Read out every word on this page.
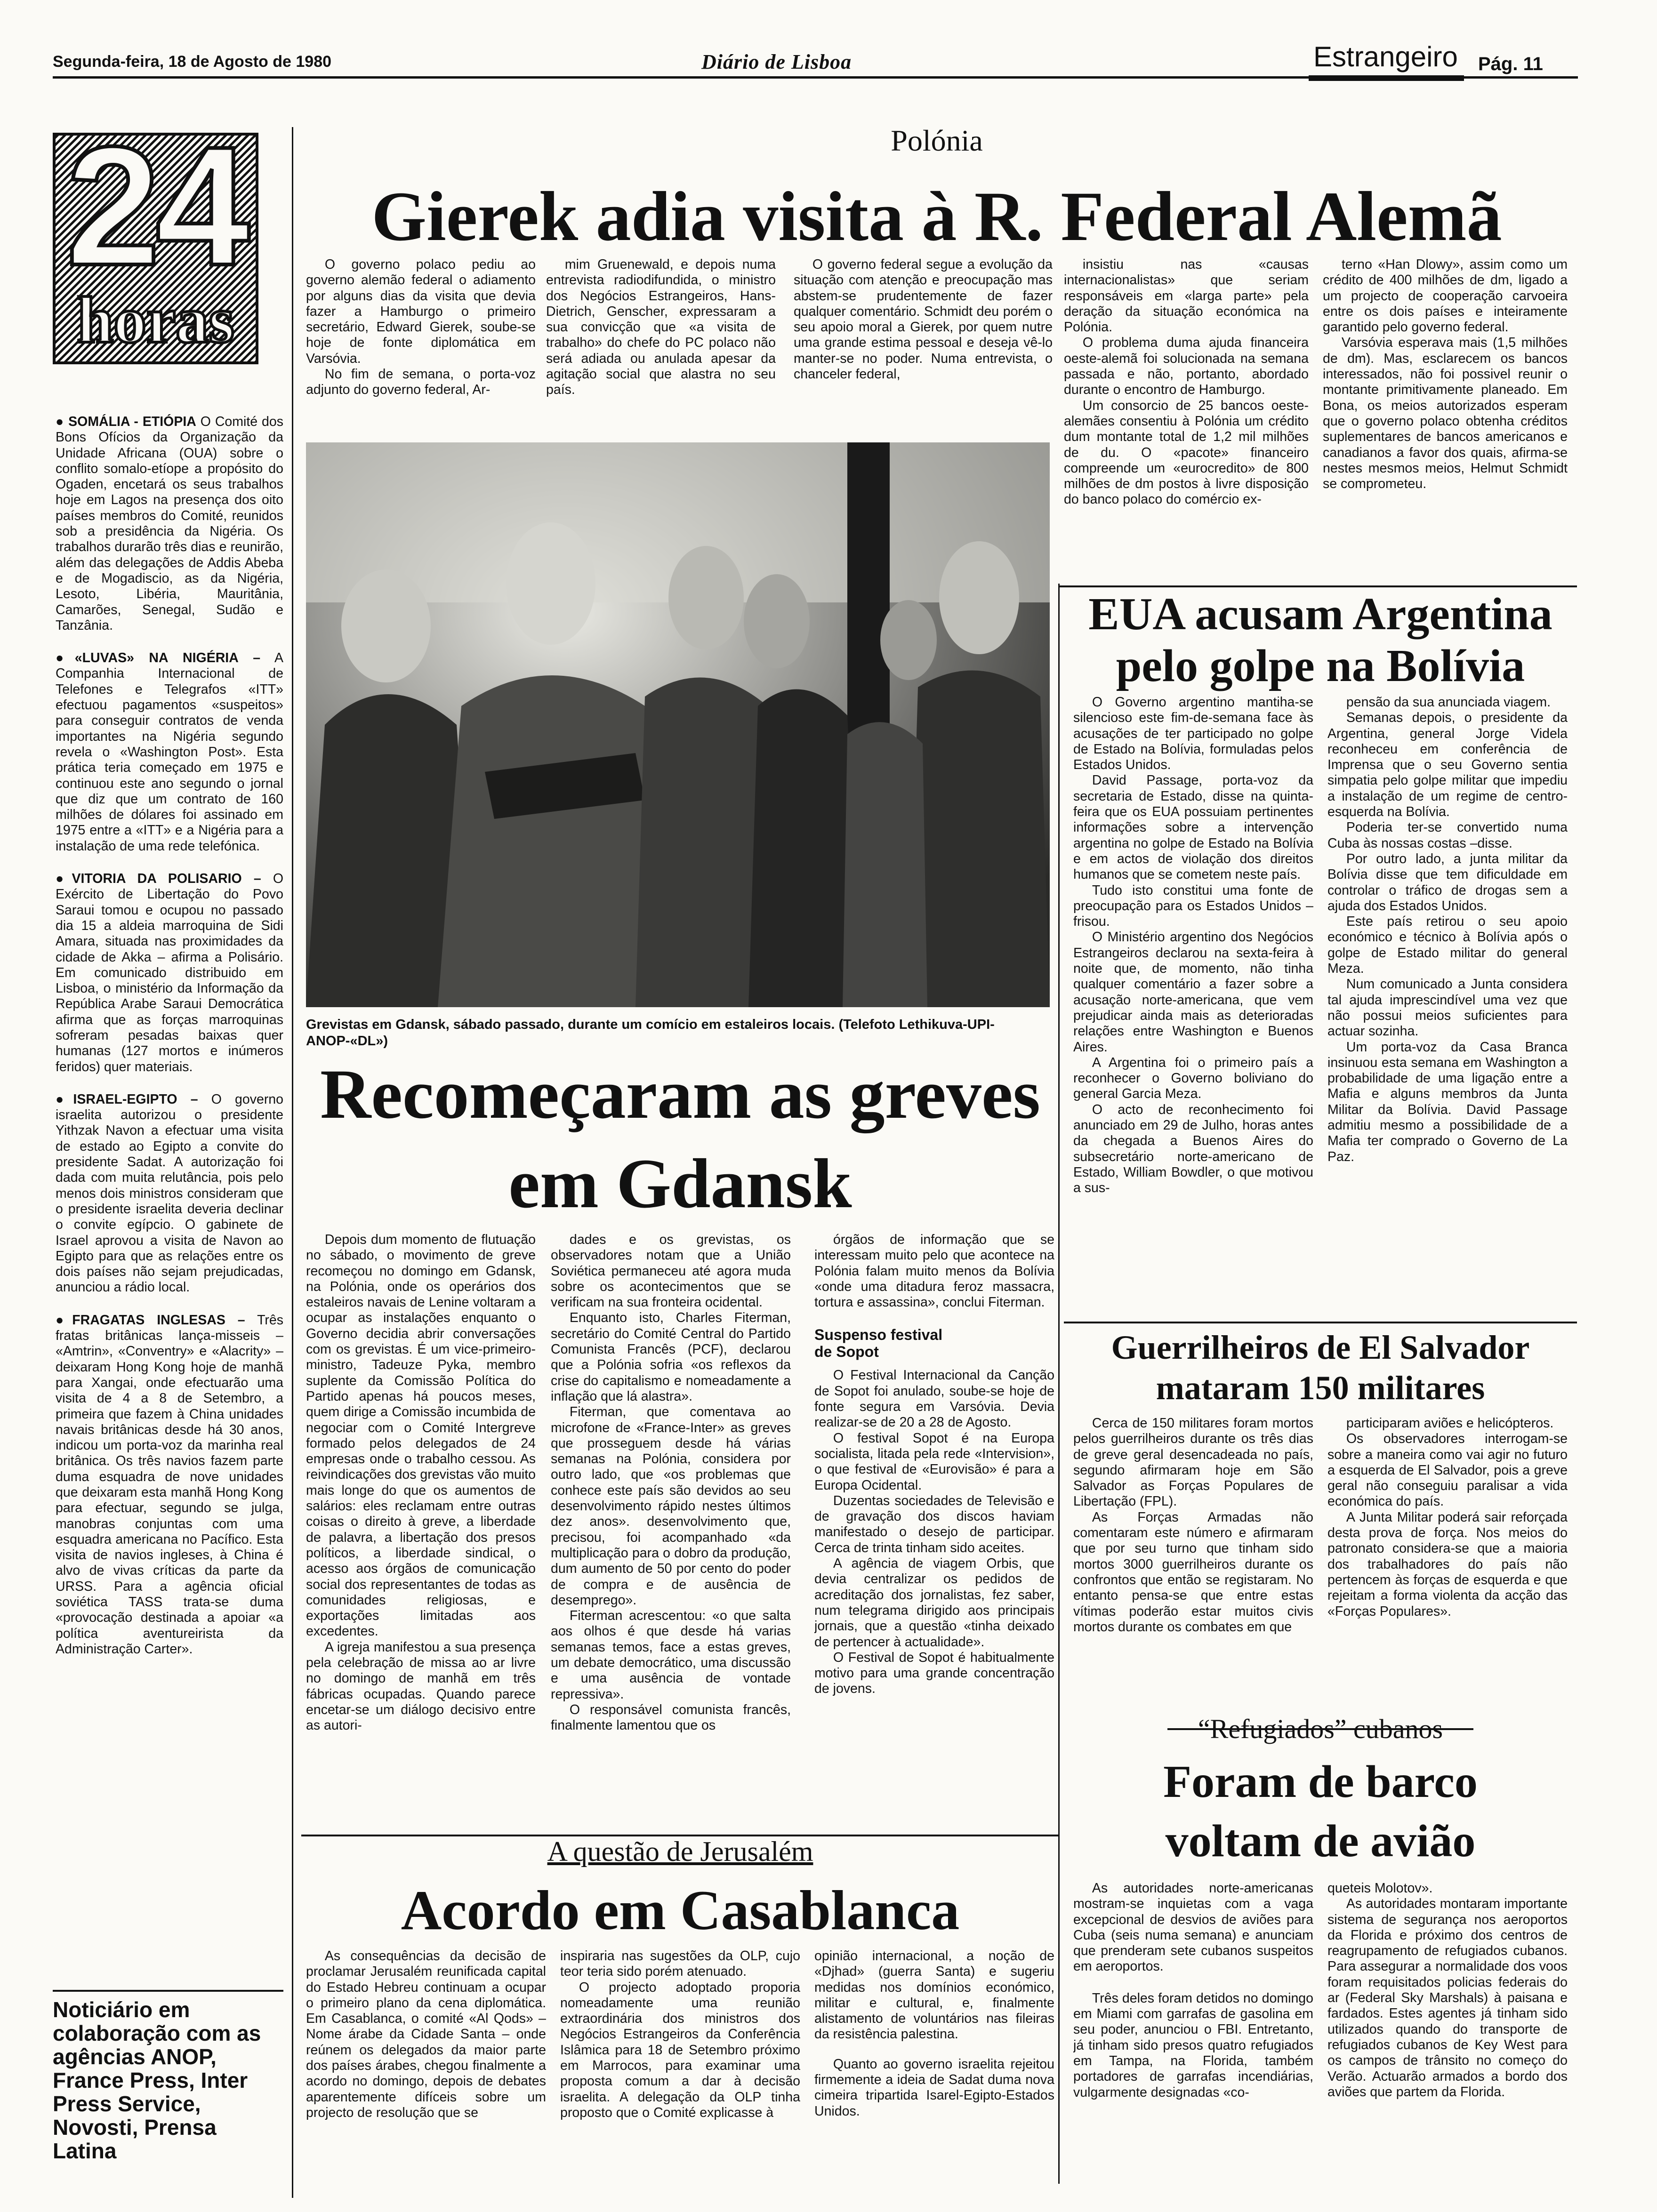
Segunda-feira, 18 de Agosto de 1980	Diário de Lisboa	Estrangeiro Pág. 11
24
horas

● SOMÁLIA - ETIÓPIA O Comité dos Bons Ofícios da Organização da Unidade Africana (OUA) sobre o conflito somalo-etíope a propósito do Ogaden, encetará os seus trabalhos hoje em Lagos na presença dos oito países membros do Comité, reunidos sob a presidência da Nigéria. Os trabalhos durarão três dias e reunirão, além das delegações de Addis Abeba e de Mogadiscio, as da Nigéria, Lesoto, Libéria, Mauritânia, Camarões, Senegal, Sudão e Tanzânia.

●«LUVAS» NA NIGÉRIA – A Companhia Internacional de Telefones e Telegrafos «ITT» efectuou pagamentos «suspeitos» para conseguir contratos de venda importantes na Nigéria segundo revela o «Washington Post». Esta prática teria começado em 1975 e continuou este ano segundo o jornal que diz que um contrato de 160 milhões de dólares foi assinado em 1975 entre a «ITT» e a Nigéria para a instalação de uma rede telefónica.

●VITORIA DA POLISARIO – O Exército de Libertação do Povo Saraui tomou e ocupou no passado dia 15 a aldeia marroquina de Sidi Amara, situada nas proximidades da cidade de Akka – afirma a Polisário. Em comunicado distribuido em Lisboa, o ministério da Informação da República Arabe Saraui Democrática afirma que as forças marroquinas sofreram pesadas baixas quer humanas (127 mortos e inúmeros feridos) quer materiais.

●ISRAEL-EGIPTO – O governo israelita autorizou o presidente Yithzak Navon a efectuar uma visita de estado ao Egipto a convite do presidente Sadat. A autorização foi dada com muita relutância, pois pelo menos dois ministros consideram que o presidente israelita deveria declinar o convite egípcio. O gabinete de Israel aprovou a visita de Navon ao Egipto para que as relações entre os dois países não sejam prejudicadas, anunciou a rádio local.

●FRAGATAS INGLESAS – Três fratas britânicas lança-misseis – «Amtrin», «Conventry» e «Alacrity» – deixaram Hong Kong hoje de manhã para Xangai, onde efectuarão uma visita de 4 a 8 de Setembro, a primeira que fazem à China unidades navais britânicas desde há 30 anos, indicou um porta-voz da marinha real britânica. Os três navios fazem parte duma esquadra de nove unidades que deixaram esta manhã Hong Kong para efectuar, segundo se julga, manobras conjuntas com uma esquadra americana no Pacífico. Esta visita de navios ingleses, à China é alvo de vivas críticas da parte da URSS. Para a agência oficial soviética TASS trata-se duma «provocação destinada a apoiar «a política aventureirista da Administração Carter».

Noticiário em colaboração com as agências ANOP, France Press, Inter Press Service, Novosti, Prensa Latina
Polónia
Gierek adia visita à R. Federal Alemã

O governo polaco pediu ao governo alemão federal o adiamento por alguns dias da visita que devia fazer a Hamburgo o primeiro secretário, Edward Gierek, soube-se hoje de fonte diplomática em Varsóvia.

No fim de semana, o porta-voz adjunto do governo federal, Ar-

mim Gruenewald, e depois numa entrevista radiodifundida, o ministro dos Negócios Estrangeiros, Hans-Dietrich, Genscher, expressaram a sua convicção que «a visita de trabalho» do chefe do PC polaco não será adiada ou anulada apesar da agitação social que alastra no seu país.

O governo federal segue a evolução da situação com atenção e preocupação mas abstem-se prudentemente de fazer qualquer comentário. Schmidt deu porém o seu apoio moral a Gierek, por quem nutre uma grande estima pessoal e deseja vê-lo manter-se no poder. Numa entrevista, o chanceler federal,

insistiu nas «causas internacionalistas» que seriam responsáveis em «larga parte» pela deração da situação económica na Polónia.

O problema duma ajuda financeira oeste-alemã foi solucionada na semana passada e não, portanto, abordado durante o encontro de Hamburgo.

Um consorcio de 25 bancos oeste-alemães consentiu à Polónia um crédito dum montante total de 1,2 mil milhões de du. O «pacote» financeiro compreende um «eurocredito» de 800 milhões de dm postos à livre disposição do banco polaco do comércio ex-

terno «Han Dlowy», assim como um crédito de 400 milhões de dm, ligado a um projecto de cooperação carvoeira entre os dois países e inteiramente garantido pelo governo federal.

Varsóvia esperava mais (1,5 milhões de dm). Mas, esclarecem os bancos interessados, não foi possivel reunir o montante primitivamente planeado. Em Bona, os meios autorizados esperam que o governo polaco obtenha créditos suplementares de bancos americanos e canadianos a favor dos quais, afirma-se nestes mesmos meios, Helmut Schmidt se comprometeu.

Grevistas em Gdansk, sábado passado, durante um comício em estaleiros locais. (Telefoto Lethikuva-UPI-ANOP-«DL»)
Recomeçaram as greves
em Gdansk

Depois dum momento de flutuação no sábado, o movimento de greve recomeçou no domingo em Gdansk, na Polónia, onde os operários dos estaleiros navais de Lenine voltaram a ocupar as instalações enquanto o Governo decidia abrir conversações com os grevistas. É um vice-primeiro-ministro, Tadeuze Pyka, membro suplente da Comissão Política do Partido apenas há poucos meses, quem dirige a Comissão incumbida de negociar com o Comité Intergreve formado pelos delegados de 24 empresas onde o trabalho cessou. As reivindicações dos grevistas vão muito mais longe do que os aumentos de salários: eles reclamam entre outras coisas o direito à greve, a liberdade de palavra, a libertação dos presos políticos, a liberdade sindical, o acesso aos órgãos de comunicação social dos representantes de todas as comunidades religiosas, e exportações limitadas aos excedentes.

A igreja manifestou a sua presença pela celebração de missa ao ar livre no domingo de manhã em três fábricas ocupadas. Quando parece encetar-se um diálogo decisivo entre as autori-

dades e os grevistas, os observadores notam que a União Soviética permaneceu até agora muda sobre os acontecimentos que se verificam na sua fronteira ocidental.

Enquanto isto, Charles Fiterman, secretário do Comité Central do Partido Comunista Francês (PCF), declarou que a Polónia sofria «os reflexos da crise do capitalismo e nomeadamente a inflação que lá alastra».

Fiterman, que comentava ao microfone de «France-Inter» as greves que prosseguem desde há várias semanas na Polónia, considera por outro lado, que «os problemas que conhece este país são devidos ao seu desenvolvimento rápido nestes últimos dez anos». desenvolvimento que, precisou, foi acompanhado «da multiplicação para o dobro da produção, dum aumento de 50 por cento do poder de compra e de ausência de desemprego».

Fiterman acrescentou: «o que salta aos olhos é que desde há varias semanas temos, face a estas greves, um debate democrático, uma discussão e uma ausência de vontade repressiva».

O responsável comunista francês, finalmente lamentou que os

órgãos de informação que se interessam muito pelo que acontece na Polónia falam muito menos da Bolívia «onde uma ditadura feroz massacra, tortura e assassina», conclui Fiterman.

Suspenso festival de Sopot

O Festival Internacional da Canção de Sopot foi anulado, soube-se hoje de fonte segura em Varsóvia. Devia realizar-se de 20 a 28 de Agosto.

O festival Sopot é na Europa socialista, litada pela rede «Intervision», o que festival de «Eurovisão» é para a Europa Ocidental.

Duzentas sociedades de Televisão e de gravação dos discos haviam manifestado o desejo de participar. Cerca de trinta tinham sido aceites.

A agência de viagem Orbis, que devia centralizar os pedidos de acreditação dos jornalistas, fez saber, num telegrama dirigido aos principais jornais, que a questão «tinha deixado de pertencer à actualidade».

O Festival de Sopot é habitualmente motivo para uma grande concentração de jovens.

EUA acusam Argentina
pelo golpe na Bolívia

O Governo argentino mantiha-se silencioso este fim-de-semana face às acusações de ter participado no golpe de Estado na Bolívia, formuladas pelos Estados Unidos.

David Passage, porta-voz da secretaria de Estado, disse na quinta-feira que os EUA possuiam pertinentes informações sobre a intervenção argentina no golpe de Estado na Bolívia e em actos de violação dos direitos humanos que se cometem neste país.

Tudo isto constitui uma fonte de preocupação para os Estados Unidos – frisou.

O Ministério argentino dos Negócios Estrangeiros declarou na sexta-feira à noite que, de momento, não tinha qualquer comentário a fazer sobre a acusação norte-americana, que vem prejudicar ainda mais as deterioradas relações entre Washington e Buenos Aires.

A Argentina foi o primeiro país a reconhecer o Governo boliviano do general Garcia Meza.

O acto de reconhecimento foi anunciado em 29 de Julho, horas antes da chegada a Buenos Aires do subsecretário norte-americano de Estado, William Bowdler, o que motivou a sus-

pensão da sua anunciada viagem.

Semanas depois, o presidente da Argentina, general Jorge Videla reconheceu em conferência de Imprensa que o seu Governo sentia simpatia pelo golpe militar que impediu a instalação de um regime de centro-esquerda na Bolívia.

Poderia ter-se convertido numa Cuba às nossas costas –disse.

Por outro lado, a junta militar da Bolívia disse que tem dificuldade em controlar o tráfico de drogas sem a ajuda dos Estados Unidos.

Este país retirou o seu apoio económico e técnico à Bolívia após o golpe de Estado militar do general Meza.

Num comunicado a Junta considera tal ajuda imprescindível uma vez que não possui meios suficientes para actuar sozinha.

Um porta-voz da Casa Branca insinuou esta semana em Washington a probabilidade de uma ligação entre a Mafia e alguns membros da Junta Militar da Bolívia. David Passage admitiu mesmo a possibilidade de a Mafia ter comprado o Governo de La Paz.

Guerrilheiros de El Salvador
mataram 150 militares

Cerca de 150 militares foram mortos pelos guerrilheiros durante os três dias de greve geral desencadeada no país, segundo afirmaram hoje em São Salvador as Forças Populares de Libertação (FPL).

As Forças Armadas não comentaram este número e afirmaram que por seu turno que tinham sido mortos 3000 guerrilheiros durante os confrontos que então se registaram. No entanto pensa-se que entre estas vítimas poderão estar muitos civis mortos durante os combates em que

participaram aviões e helicópteros.

Os observadores interrogam-se sobre a maneira como vai agir no futuro a esquerda de El Salvador, pois a greve geral não conseguiu paralisar a vida económica do país.

A Junta Militar poderá sair reforçada desta prova de força. Nos meios do patronato considera-se que a maioria dos trabalhadores do país não pertencem às forças de esquerda e que rejeitam a forma violenta da acção das «Forças Populares».

“Refugiados” cubanos
Foram de barco
voltam de avião

As autoridades norte-americanas mostram-se inquietas com a vaga excepcional de desvios de aviões para Cuba (seis numa semana) e anunciam que prenderam sete cubanos suspeitos em aeroportos.

Três deles foram detidos no domingo em Miami com garrafas de gasolina em seu poder, anunciou o FBI. Entretanto, já tinham sido presos quatro refugiados em Tampa, na Florida, também portadores de garrafas incendiárias, vulgarmente designadas «co-

queteis Molotov».

As autoridades montaram importante sistema de segurança nos aeroportos da Florida e próximo dos centros de reagrupamento de refugiados cubanos. Para assegurar a normalidade dos voos foram requisitados policias federais do ar (Federal Sky Marshals) à paisana e fardados. Estes agentes já tinham sido utilizados quando do transporte de refugiados cubanos de Key West para os campos de trânsito no começo do Verão. Actuarão armados a bordo dos aviões que partem da Florida.

A questão de Jerusalém
Acordo em Casablanca

As consequências da decisão de proclamar Jerusalém reunificada capital do Estado Hebreu continuam a ocupar o primeiro plano da cena diplomática. Em Casablanca, o comité «Al Qods» – Nome árabe da Cidade Santa – onde reúnem os delegados da maior parte dos países árabes, chegou finalmente a acordo no domingo, depois de debates aparentemente difíceis sobre um projecto de resolução que se

inspiraria nas sugestões da OLP, cujo teor teria sido porém atenuado.

O projecto adoptado proporia nomeadamente uma reunião extraordinária dos ministros dos Negócios Estrangeiros da Conferência Islâmica para 18 de Setembro próximo em Marrocos, para examinar uma proposta comum a dar à decisão israelita. A delegação da OLP tinha proposto que o Comité explicasse à

opinião internacional, a noção de «Djhad» (guerra Santa) e sugeriu medidas nos domínios económico, militar e cultural, e, finalmente alistamento de voluntários nas fileiras da resistência palestina.

Quanto ao governo israelita rejeitou firmemente a ideia de Sadat duma nova cimeira tripartida Isarel-Egipto-Estados Unidos.
